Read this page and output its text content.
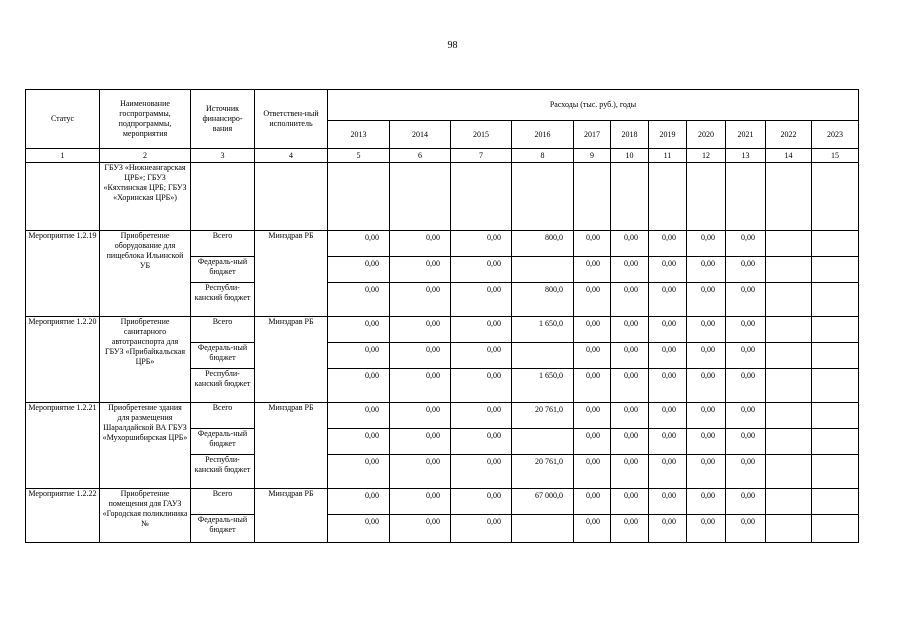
98
Статус	Наименование госпрограммы, подпрограммы, мероприятия	Источник финансиро-вания	Ответствен-ный исполнитель	Расходы (тыс. руб.), годы										
				2013	2014	2015	2016	2017	2018	2019	2020	2021	2022	2023
1	2	3	4	5	6	7	8	9	10	11	12	13	14	15
	ГБУЗ «Нижнеангарская ЦРБ»; ГБУЗ «Кяхтинская ЦРБ; ГБУЗ «Хоринская ЦРБ»)													
Мероприятие 1.2.19	Приобретение оборудование для пищеблока Ильинской УБ	Всего	Минздрав РБ	0,00	0,00	0,00	800,0	0,00	0,00	0,00	0,00	0,00		
		Федераль-ный бюджет		0,00	0,00	0,00		0,00	0,00	0,00	0,00	0,00		
		Республи-канский бюджет		0,00	0,00	0,00	800,0	0,00	0,00	0,00	0,00	0,00		
Мероприятие 1.2.20	Приобретение санитарного автотранспорта для ГБУЗ «Прибайкальская ЦРБ»	Всего	Минздрав РБ	0,00	0,00	0,00	1 650,0	0,00	0,00	0,00	0,00	0,00		
		Федераль-ный бюджет		0,00	0,00	0,00		0,00	0,00	0,00	0,00	0,00		
		Республи-канский бюджет		0,00	0,00	0,00	1 650,0	0,00	0,00	0,00	0,00	0,00		
Мероприятие 1.2.21	Приобретение здания для размещения Шаралдайской ВА ГБУЗ «Мухоршибирская ЦРБ»	Всего	Минздрав РБ	0,00	0,00	0,00	20 761,0	0,00	0,00	0,00	0,00	0,00		
		Федераль-ный бюджет		0,00	0,00	0,00		0,00	0,00	0,00	0,00	0,00		
		Республи-канский бюджет		0,00	0,00	0,00	20 761,0	0,00	0,00	0,00	0,00	0,00		
Мероприятие 1.2.22	Приобретение помещения для ГАУЗ «Городская поликлиника №	Всего	Минздрав РБ	0,00	0,00	0,00	67 000,0	0,00	0,00	0,00	0,00	0,00		
		Федераль-ный бюджет		0,00	0,00	0,00		0,00	0,00	0,00	0,00	0,00		
